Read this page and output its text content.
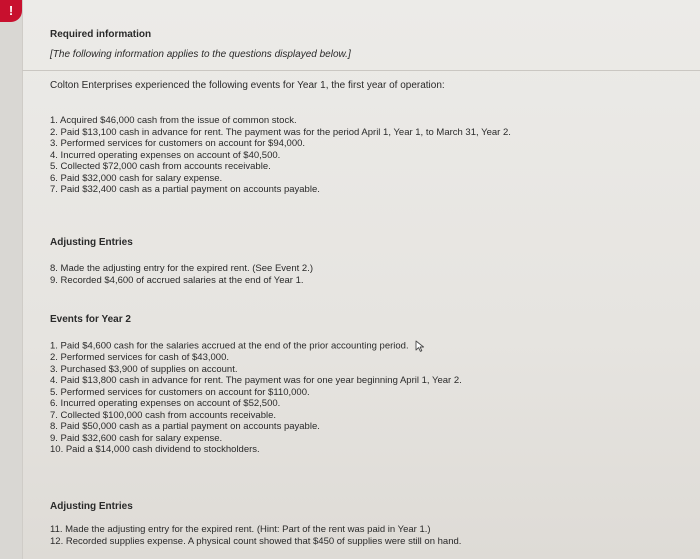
!

Required information

[The following information applies to the questions displayed below.]

Colton Enterprises experienced the following events for Year 1, the first year of operation:

1. Acquired $46,000 cash from the issue of common stock.
2. Paid $13,100 cash in advance for rent. The payment was for the period April 1, Year 1, to March 31, Year 2.
3. Performed services for customers on account for $94,000.
4. Incurred operating expenses on account of $40,500.
5. Collected $72,000 cash from accounts receivable.
6. Paid $32,000 cash for salary expense.
7. Paid $32,400 cash as a partial payment on accounts payable.

Adjusting Entries

8. Made the adjusting entry for the expired rent. (See Event 2.)
9. Recorded $4,600 of accrued salaries at the end of Year 1.

Events for Year 2

1. Paid $4,600 cash for the salaries accrued at the end of the prior accounting period.
2. Performed services for cash of $43,000.
3. Purchased $3,900 of supplies on account.
4. Paid $13,800 cash in advance for rent. The payment was for one year beginning April 1, Year 2.
5. Performed services for customers on account for $110,000.
6. Incurred operating expenses on account of $52,500.
7. Collected $100,000 cash from accounts receivable.
8. Paid $50,000 cash as a partial payment on accounts payable.
9. Paid $32,600 cash for salary expense.
10. Paid a $14,000 cash dividend to stockholders.

Adjusting Entries

11. Made the adjusting entry for the expired rent. (Hint: Part of the rent was paid in Year 1.)
12. Recorded supplies expense. A physical count showed that $450 of supplies were still on hand.
